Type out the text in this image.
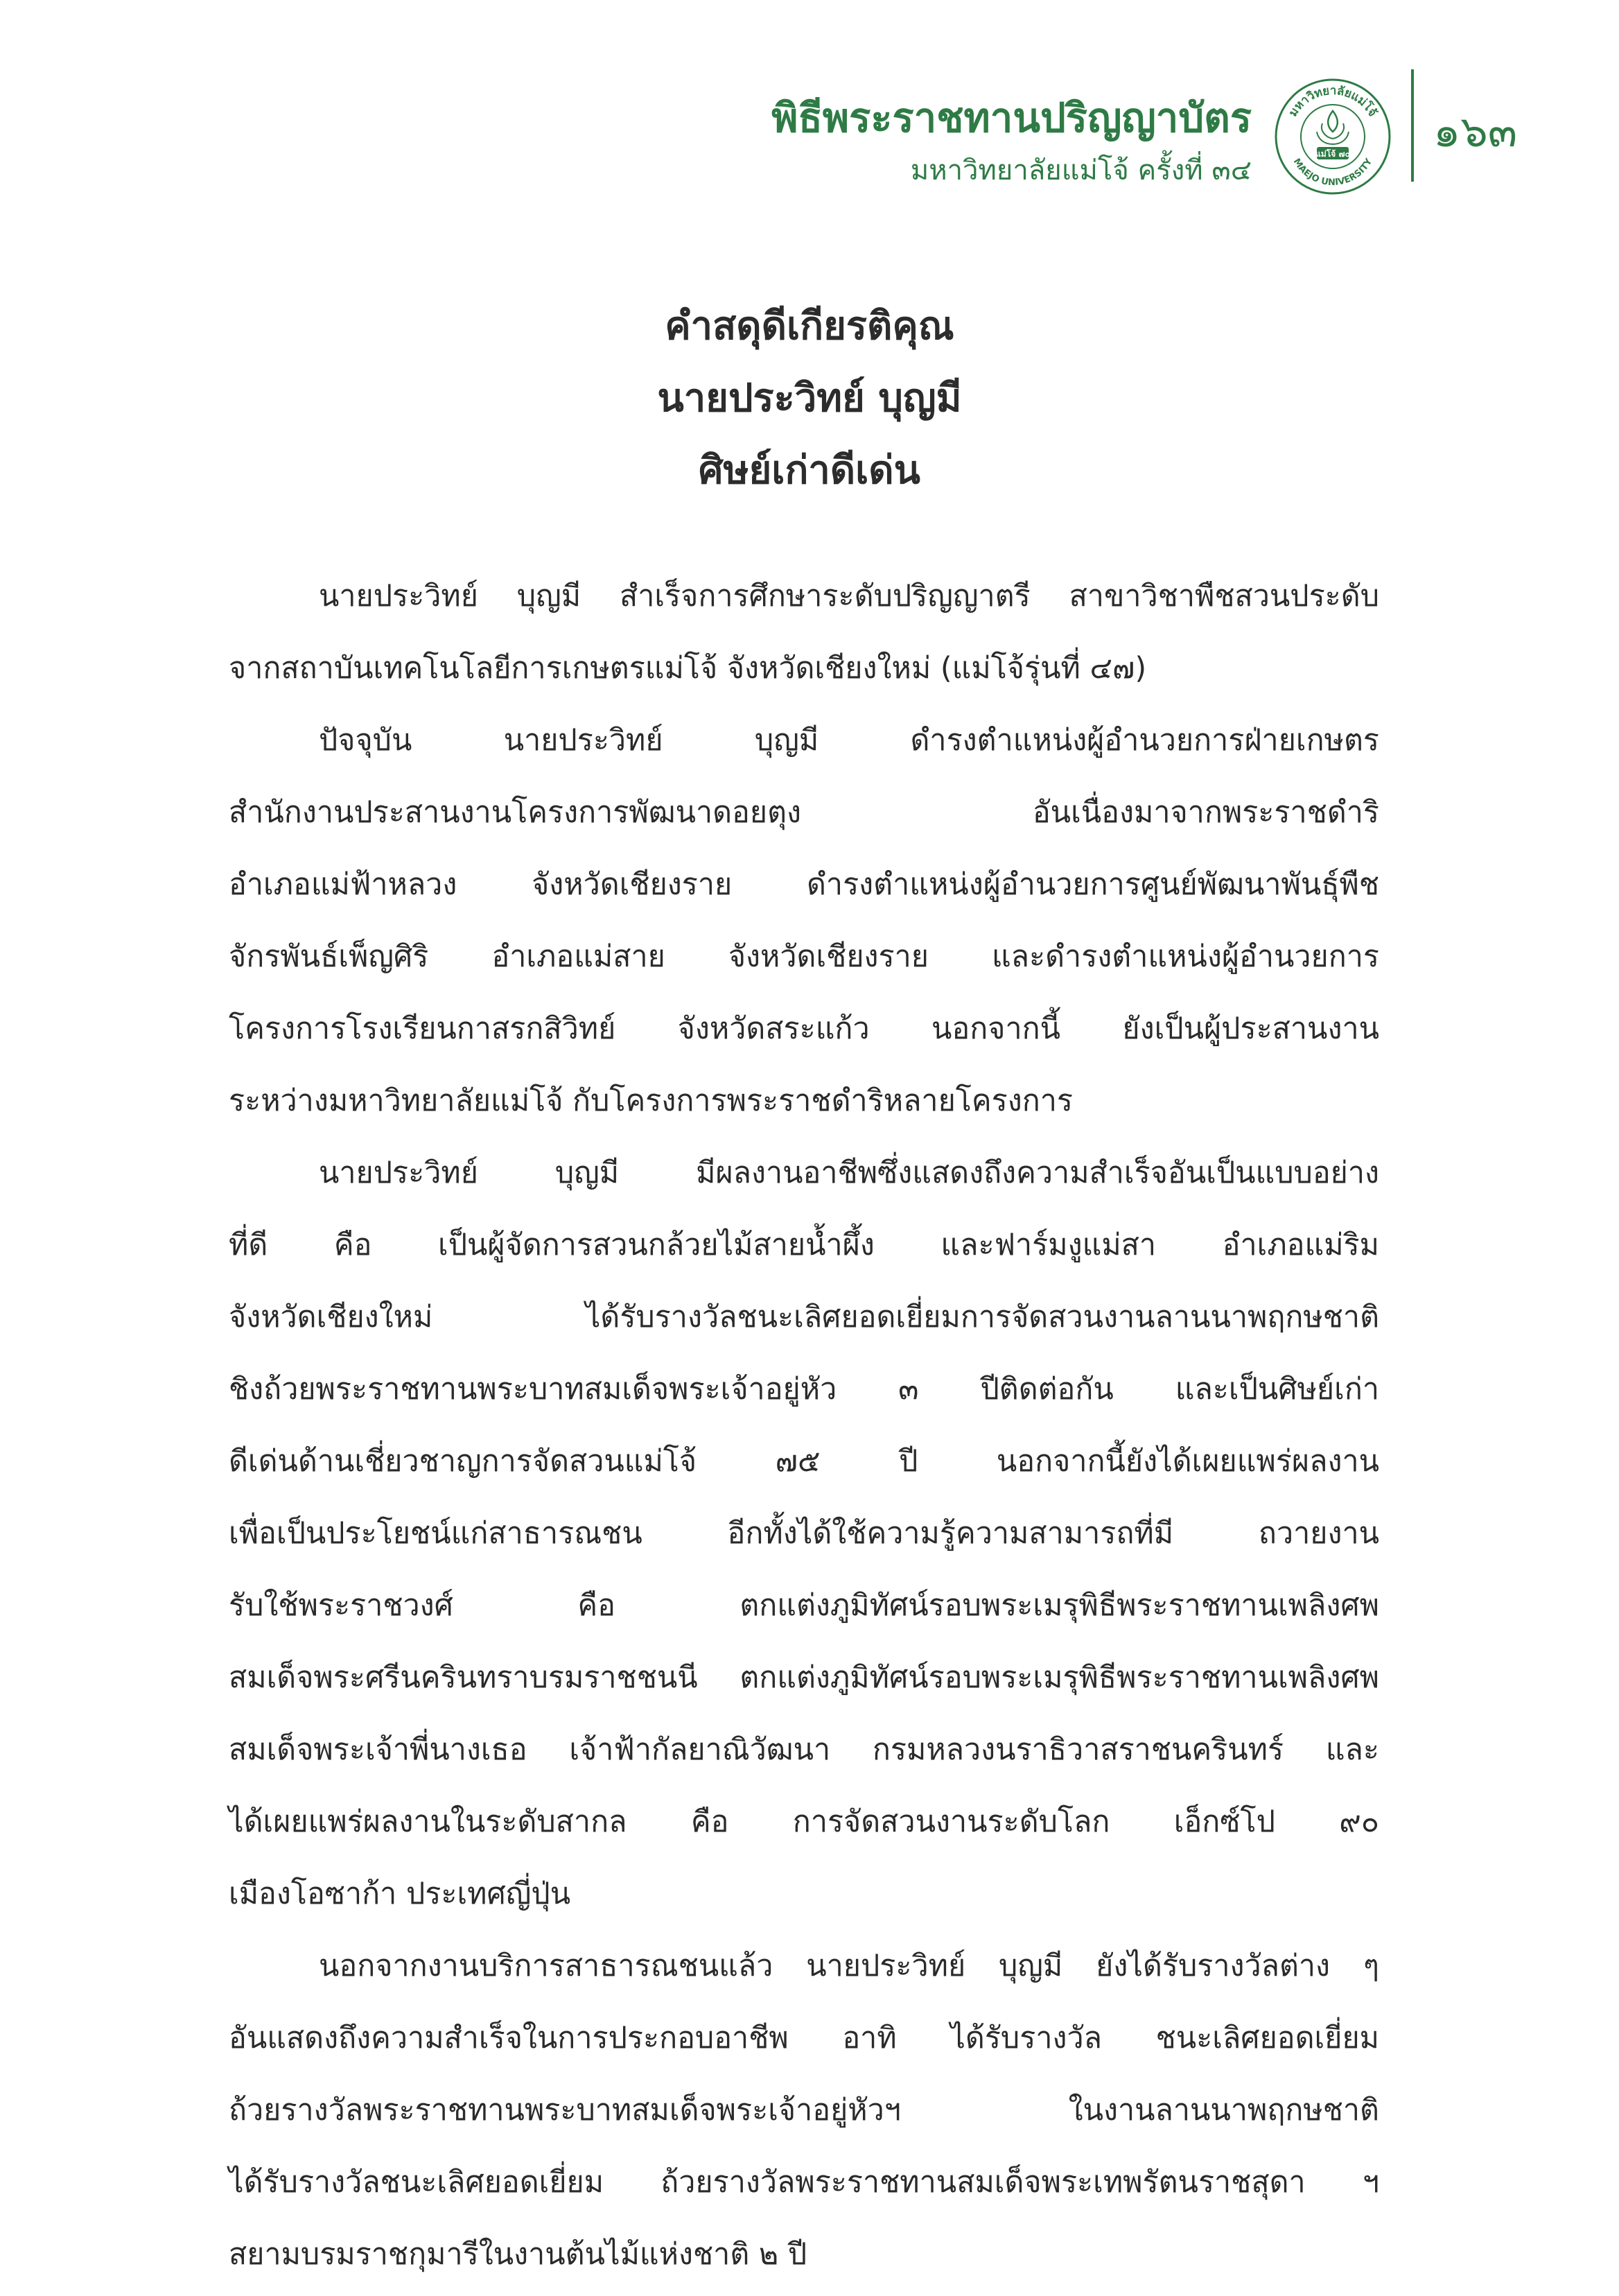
พิธีพระราชทานปริญญาบัตร
มหาวิทยาลัยแม่โจ้ ครั้งที่ ๓๔
มหาวิทยาลัยแม่โจ้
MAEJO UNIVERSITY
แม่โจ้ ๗๐ ๑๖๓
คำสดุดีเกียรติคุณ
นายประวิทย์ บุญมี
ศิษย์เก่าดีเด่น
นายประวิทย์ บุญมี สำเร็จการศึกษาระดับปริญญาตรี สาขาวิชาพืชสวนประดับ
จากสถาบันเทคโนโลยีการเกษตรแม่โจ้ จังหวัดเชียงใหม่ (แม่โจ้รุ่นที่ ๔๗)
ปัจจุบัน นายประวิทย์ บุญมี ดำรงตำแหน่งผู้อำนวยการฝ่ายเกษตร
สำนักงานประสานงานโครงการพัฒนาดอยตุง อันเนื่องมาจากพระราชดำริ
อำเภอแม่ฟ้าหลวง จังหวัดเชียงราย ดำรงตำแหน่งผู้อำนวยการศูนย์พัฒนาพันธุ์พืช
จักรพันธ์เพ็ญศิริ อำเภอแม่สาย จังหวัดเชียงราย และดำรงตำแหน่งผู้อำนวยการ
โครงการโรงเรียนกาสรกสิวิทย์ จังหวัดสระแก้ว นอกจากนี้ ยังเป็นผู้ประสานงาน
ระหว่างมหาวิทยาลัยแม่โจ้ กับโครงการพระราชดำริหลายโครงการ
นายประวิทย์ บุญมี มีผลงานอาชีพซึ่งแสดงถึงความสำเร็จอันเป็นแบบอย่าง
ที่ดี คือ เป็นผู้จัดการสวนกล้วยไม้สายน้ำผึ้ง และฟาร์มงูแม่สา อำเภอแม่ริม
จังหวัดเชียงใหม่ ได้รับรางวัลชนะเลิศยอดเยี่ยมการจัดสวนงานลานนาพฤกษชาติ
ชิงถ้วยพระราชทานพระบาทสมเด็จพระเจ้าอยู่หัว ๓ ปีติดต่อกัน และเป็นศิษย์เก่า
ดีเด่นด้านเชี่ยวชาญการจัดสวนแม่โจ้ ๗๕ ปี นอกจากนี้ยังได้เผยแพร่ผลงาน
เพื่อเป็นประโยชน์แก่สาธารณชน อีกทั้งได้ใช้ความรู้ความสามารถที่มี ถวายงาน
รับใช้พระราชวงศ์ คือ ตกแต่งภูมิทัศน์รอบพระเมรุพิธีพระราชทานเพลิงศพ
สมเด็จพระศรีนครินทราบรมราชชนนี ตกแต่งภูมิทัศน์รอบพระเมรุพิธีพระราชทานเพลิงศพ
สมเด็จพระเจ้าพี่นางเธอ เจ้าฟ้ากัลยาณิวัฒนา กรมหลวงนราธิวาสราชนครินทร์ และ
ได้เผยแพร่ผลงานในระดับสากล คือ การจัดสวนงานระดับโลก เอ็กซ์โป ๙๐
เมืองโอซาก้า ประเทศญี่ปุ่น
นอกจากงานบริการสาธารณชนแล้ว นายประวิทย์ บุญมี ยังได้รับรางวัลต่าง ๆ
อันแสดงถึงความสำเร็จในการประกอบอาชีพ อาทิ ได้รับรางวัล ชนะเลิศยอดเยี่ยม
ถ้วยรางวัลพระราชทานพระบาทสมเด็จพระเจ้าอยู่หัวฯ ในงานลานนาพฤกษชาติ
ได้รับรางวัลชนะเลิศยอดเยี่ยม ถ้วยรางวัลพระราชทานสมเด็จพระเทพรัตนราชสุดา ฯ
สยามบรมราชกุมารีในงานต้นไม้แห่งชาติ ๒ ปี
